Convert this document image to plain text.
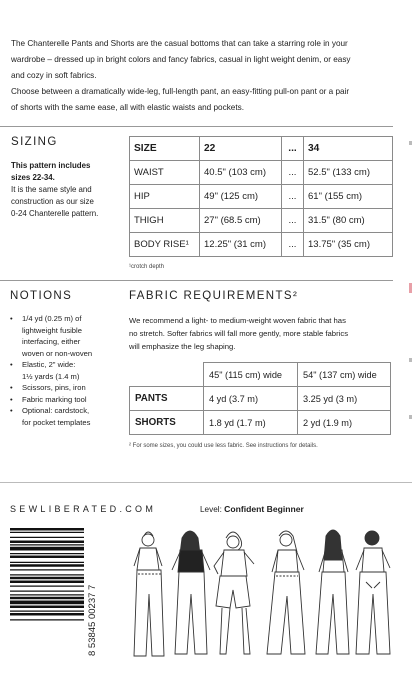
The Chanterelle Pants and Shorts are the casual bottoms that can take a starring role in your

wardrobe – dressed up in bright colors and fancy fabrics, casual in light weight denim, or easy

and cozy in soft fabrics.

Choose between a dramatically wide-leg, full-length pant, an easy-fitting pull-on pant or a pair

of shorts with the same ease, all with elastic waists and pockets.

SIZING
This pattern includes
sizes 22-34.
It is the same style and
construction as our size
0-24 Chanterelle pattern.
SIZE	22	...	34
WAIST	40.5" (103 cm)	...	52.5" (133 cm)
HIP	49" (125 cm)	...	61" (155 cm)
THIGH	27" (68.5 cm)	...	31.5" (80 cm)
BODY RISE¹	12.25" (31 cm)	...	13.75" (35 cm)
¹crotch depth
NOTIONS
• 1/4 yd (0.25 m) of
lightweight fusible
interfacing, either
woven or non-woven
• Elastic, 2" wide:
1½ yards (1.4 m)
• Scissors, pins, iron
• Fabric marking tool
• Optional: cardstock,
for pocket templates
FABRIC REQUIREMENTS²
We recommend a light- to medium-weight woven fabric that has
no stretch. Softer fabrics will fall more gently, more stable fabrics
will emphasize the leg shaping.
	45" (115 cm) wide	54" (137 cm) wide
PANTS	4 yd (3.7 m)	3.25 yd (3 m)
SHORTS	1.8 yd (1.7 m)	2 yd (1.9 m)
² For some sizes, you could use less fabric. See instructions for details.
SEWLIBERATED.COM	Level: Confident Beginner
8 53845 00237 7
